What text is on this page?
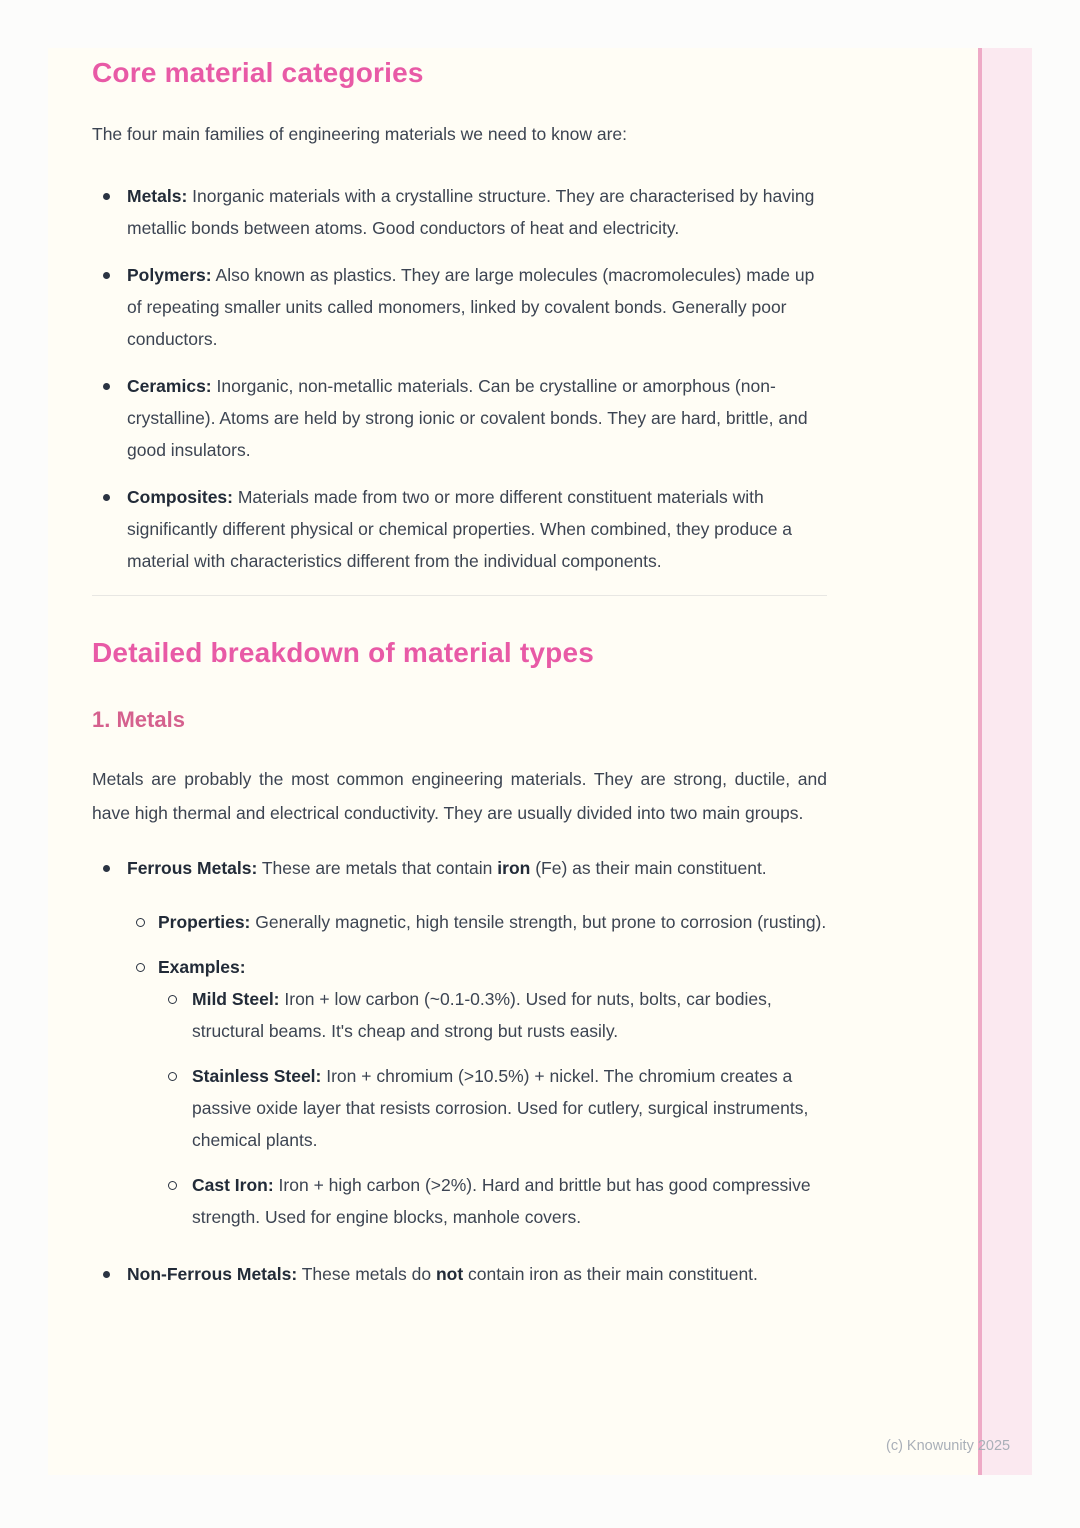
Core material categories

The four main families of engineering materials we need to know are:

Metals: Inorganic materials with a crystalline structure. They are characterised by having metallic bonds between atoms. Good conductors of heat and electricity.
Polymers: Also known as plastics. They are large molecules (macromolecules) made up of repeating smaller units called monomers, linked by covalent bonds. Generally poor conductors.
Ceramics: Inorganic, non-metallic materials. Can be crystalline or amorphous (non-crystalline). Atoms are held by strong ionic or covalent bonds. They are hard, brittle, and good insulators.
Composites: Materials made from two or more different constituent materials with significantly different physical or chemical properties. When combined, they produce a material with characteristics different from the individual components.
Detailed breakdown of material types
1. Metals

Metals are probably the most common engineering materials. They are strong, ductile, and have high thermal and electrical conductivity. They are usually divided into two main groups.

Ferrous Metals: These are metals that contain iron (Fe) as their main constituent.
Properties: Generally magnetic, high tensile strength, but prone to corrosion (rusting).
Examples:
Mild Steel: Iron + low carbon (~0.1-0.3%). Used for nuts, bolts, car bodies, structural beams. It's cheap and strong but rusts easily.
Stainless Steel: Iron + chromium (>10.5%) + nickel. The chromium creates a passive oxide layer that resists corrosion. Used for cutlery, surgical instruments, chemical plants.
Cast Iron: Iron + high carbon (>2%). Hard and brittle but has good compressive strength. Used for engine blocks, manhole covers.
Non-Ferrous Metals: These metals do not contain iron as their main constituent.
(c) Knowunity 2025
